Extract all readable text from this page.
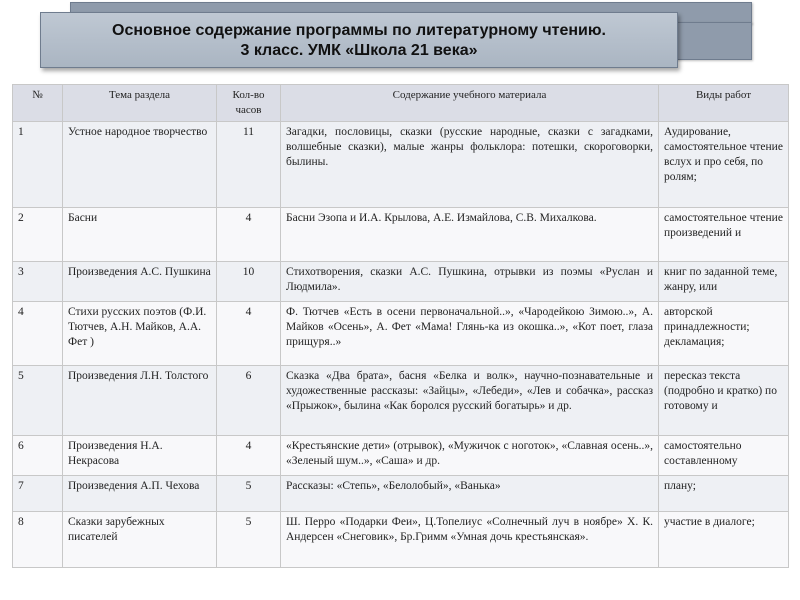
Основное содержание программы по литературному чтению.
3 класс. УМК «Школа 21 века»
№	Тема раздела	Кол-во часов	Содержание учебного материала	Виды работ
1	Устное народное творчество	11	Загадки, пословицы, сказки (русские народные, сказки с загадками, волшебные сказки), малые жанры фольклора: потешки, скороговорки, былины.	Аудирование, самостоятельное чтение вслух и про себя, по ролям;
2	Басни	4	Басни Эзопа и И.А. Крылова, А.Е. Измайлова, С.В. Михалкова.	самостоятельное чтение произведений и
3	Произведения А.С. Пушкина	10	Стихотворения, сказки А.С. Пушкина, отрывки из поэмы «Руслан и Людмила».	книг по заданной теме, жанру, или
4	Стихи русских поэтов (Ф.И. Тютчев, А.Н. Майков, А.А. Фет )	4	Ф. Тютчев «Есть в осени первоначальной..», «Чародейкою Зимою..», А. Майков «Осень», А. Фет «Мама! Глянь-ка из окошка..», «Кот поет, глаза прищуря..»	авторской принадлежности; декламация;
5	Произведения Л.Н. Толстого	6	Сказка «Два брата», басня «Белка и волк», научно-познавательные и художественные рассказы: «Зайцы», «Лебеди», «Лев и собачка», рассказ «Прыжок», былина «Как боролся русский богатырь» и др.	пересказ текста (подробно и кратко) по готовому и
6	Произведения Н.А. Некрасова	4	«Крестьянские дети» (отрывок), «Мужичок с ноготок», «Славная осень..», «Зеленый шум..», «Саша» и др.	самостоятельно составленному
7	Произведения А.П. Чехова	5	Рассказы: «Степь», «Белолобый», «Ванька»	плану;
8	Сказки зарубежных писателей	5	Ш. Перро «Подарки Феи», Ц.Топелиус «Солнечный луч в ноябре» Х. К. Андерсен «Снеговик», Бр.Гримм «Умная дочь крестьянская».	участие в диалоге;
